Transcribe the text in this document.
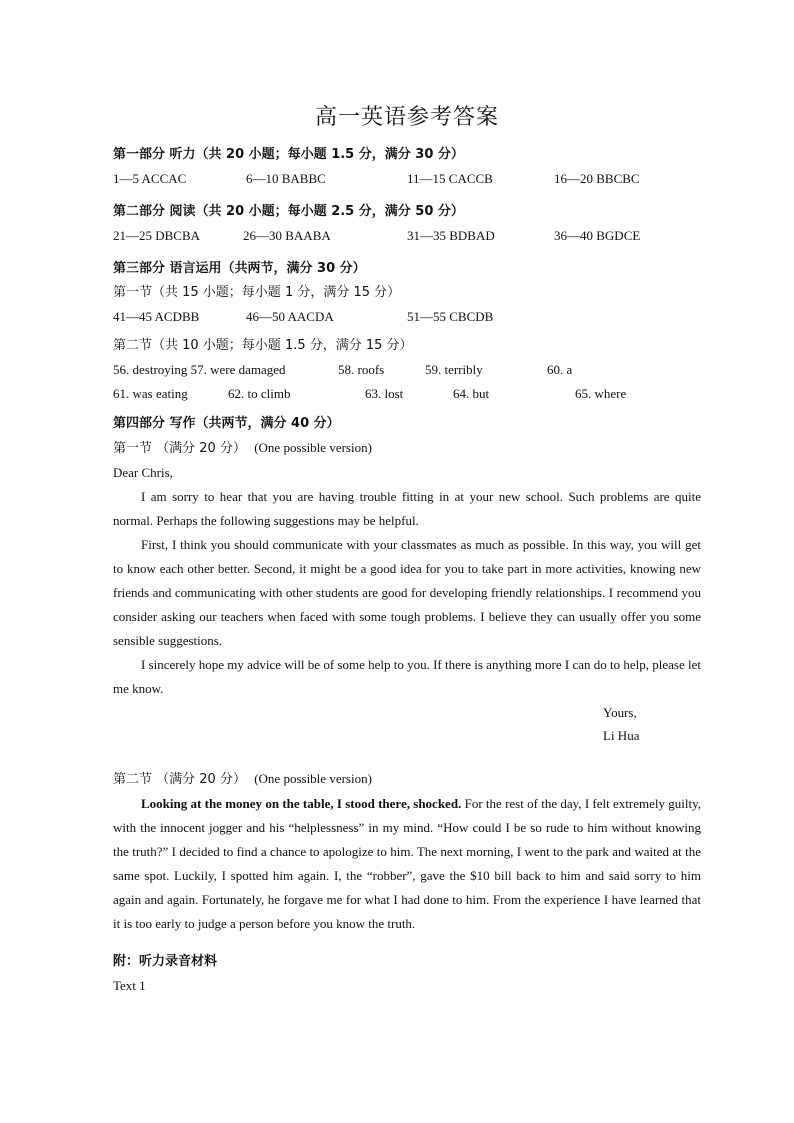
高一英语参考答案

第一部分 听力（共 20 小题；每小题 1.5 分，满分 30 分）

1—5 ACCAC	6—10 BABBC	11—15 CACCB	16—20 BBCBC

第二部分 阅读（共 20 小题；每小题 2.5 分，满分 50 分）

21—25 DBCBA	26—30 BAABA	31—35 BDBAD	36—40 BGDCE

第三部分 语言运用（共两节，满分 30 分）

第一节（共 15 小题；每小题 1 分，满分 15 分）

41—45 ACDBB	46—50 AACDA	51—55 CBCDB

第二节（共 10 小题；每小题 1.5 分，满分 15 分）

56. destroying 57. were damaged	58. roofs	59. terribly	60. a
61. was eating	62. to climb	63. lost	64. but	65. where

第四部分 写作（共两节，满分 40 分）

第一节 （满分 20 分） (One possible version)

Dear Chris,

I am sorry to hear that you are having trouble fitting in at your new school. Such problems are quite normal. Perhaps the following suggestions may be helpful.

First, I think you should communicate with your classmates as much as possible. In this way, you will get to know each other better. Second, it might be a good idea for you to take part in more activities, knowing new friends and communicating with other students are good for developing friendly relationships. I recommend you consider asking our teachers when faced with some tough problems. I believe they can usually offer you some sensible suggestions.

I sincerely hope my advice will be of some help to you. If there is anything more I can do to help, please let me know.

Yours,

Li Hua

第二节 （满分 20 分） (One possible version)

Looking at the money on the table, I stood there, shocked. For the rest of the day, I felt extremely guilty, with the innocent jogger and his “helplessness” in my mind. “How could I be so rude to him without knowing the truth?” I decided to find a chance to apologize to him. The next morning, I went to the park and waited at the same spot. Luckily, I spotted him again. I, the “robber”, gave the $10 bill back to him and said sorry to him again and again. Fortunately, he forgave me for what I had done to him. From the experience I have learned that it is too early to judge a person before you know the truth.

附：听力录音材料

Text 1
